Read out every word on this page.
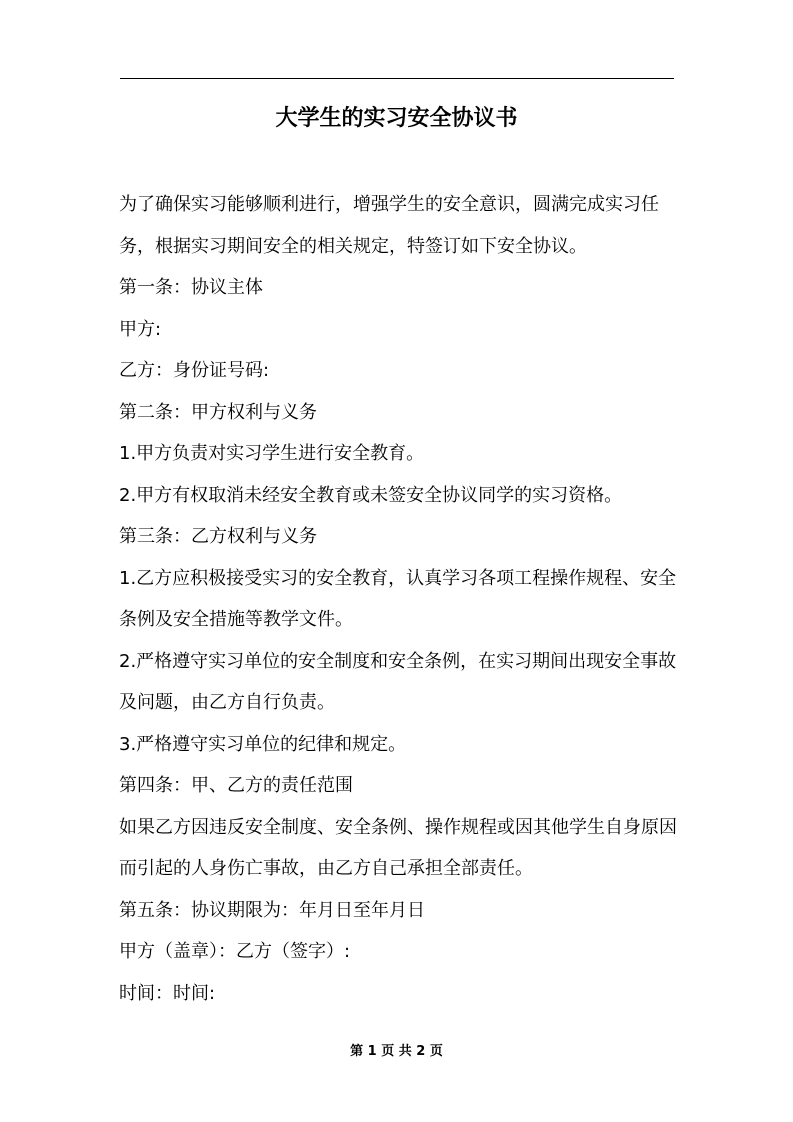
大学生的实习安全协议书

为了确保实习能够顺利进行，增强学生的安全意识，圆满完成实习任务，根据实习期间安全的相关规定，特签订如下安全协议。

第一条：协议主体

甲方:

乙方：身份证号码:

第二条：甲方权利与义务

1.甲方负责对实习学生进行安全教育。

2.甲方有权取消未经安全教育或未签安全协议同学的实习资格。

第三条：乙方权利与义务

1.乙方应积极接受实习的安全教育，认真学习各项工程操作规程、安全条例及安全措施等教学文件。

2.严格遵守实习单位的安全制度和安全条例，在实习期间出现安全事故及问题，由乙方自行负责。

3.严格遵守实习单位的纪律和规定。

第四条：甲、乙方的责任范围

如果乙方因违反安全制度、安全条例、操作规程或因其他学生自身原因而引起的人身伤亡事故，由乙方自己承担全部责任。

第五条：协议期限为：年月日至年月日

甲方（盖章）：乙方（签字）:

时间：时间:

第 1 页 共 2 页
